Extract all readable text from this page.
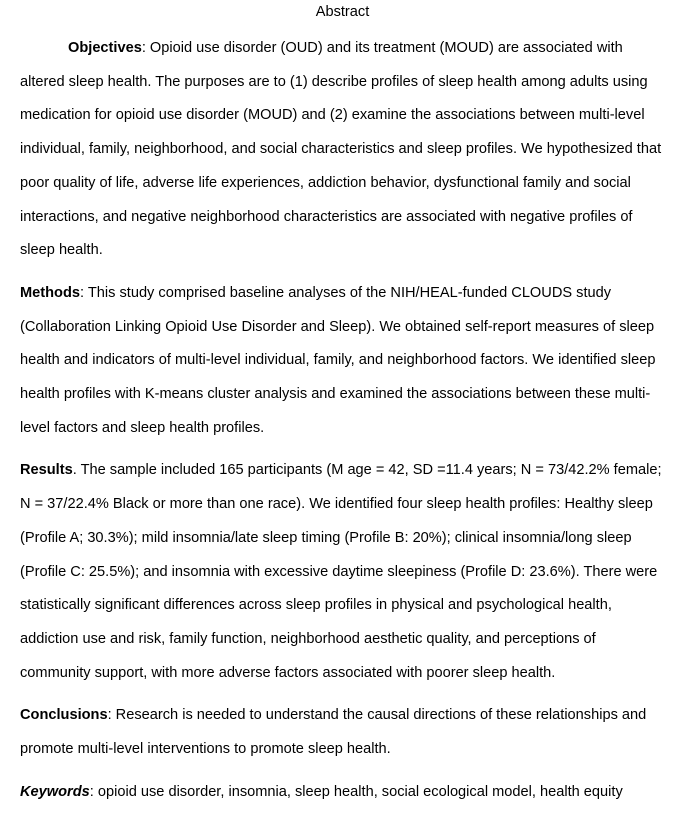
Abstract

Objectives: Opioid use disorder (OUD) and its treatment (MOUD) are associated with altered sleep health. The purposes are to (1) describe profiles of sleep health among adults using medication for opioid use disorder (MOUD) and (2) examine the associations between multi-level individual, family, neighborhood, and social characteristics and sleep profiles. We hypothesized that poor quality of life, adverse life experiences, addiction behavior, dysfunctional family and social interactions, and negative neighborhood characteristics are associated with negative profiles of sleep health.

Methods: This study comprised baseline analyses of the NIH/HEAL-funded CLOUDS study (Collaboration Linking Opioid Use Disorder and Sleep). We obtained self-report measures of sleep health and indicators of multi-level individual, family, and neighborhood factors. We identified sleep health profiles with K-means cluster analysis and examined the associations between these multi-level factors and sleep health profiles.

Results. The sample included 165 participants (M age = 42, SD =11.4 years; N = 73/42.2% female; N = 37/22.4% Black or more than one race). We identified four sleep health profiles: Healthy sleep (Profile A; 30.3%); mild insomnia/late sleep timing (Profile B: 20%); clinical insomnia/long sleep (Profile C: 25.5%); and insomnia with excessive daytime sleepiness (Profile D: 23.6%). There were statistically significant differences across sleep profiles in physical and psychological health, addiction use and risk, family function, neighborhood aesthetic quality, and perceptions of community support, with more adverse factors associated with poorer sleep health.

Conclusions: Research is needed to understand the causal directions of these relationships and promote multi-level interventions to promote sleep health.

Keywords: opioid use disorder, insomnia, sleep health, social ecological model, health equity
